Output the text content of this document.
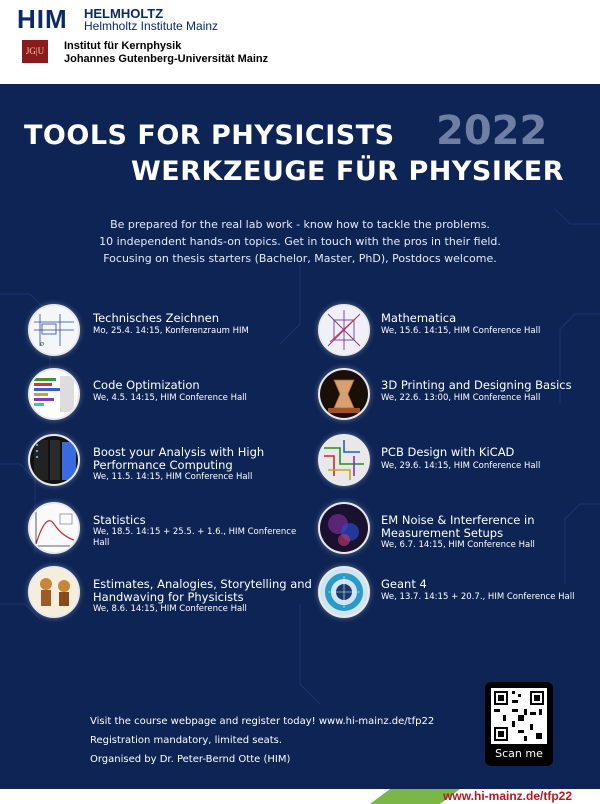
HIM HELMHOLTZ
Helmholtz Institute Mainz
JG|U	Institut für Kernphysik
Johannes Gutenberg-Universität Mainz
TOOLS FOR PHYSICISTS 2022
WERKZEUGE FÜR PHYSIKER
Be prepared for the real lab work - know how to tackle the problems.
10 independent hands-on topics. Get in touch with the pros in their field.
Focusing on thesis starters (Bachelor, Master, PhD), Postdocs welcome.
Ø
Technisches Zeichnen
Mo, 25.4. 14:15, Konferenzraum HIM
Code Optimization
We, 4.5. 14:15, HIM Conference Hall
Boost your Analysis with High
Performance Computing
We, 11.5. 14:15, HIM Conference Hall
Statistics
We, 18.5. 14:15 + 25.5. + 1.6., HIM Conference
Hall
Estimates, Analogies, Storytelling and
Handwaving for Physicists
We, 8.6. 14:15, HIM Conference Hall
Mathematica
We, 15.6. 14:15, HIM Conference Hall
3D Printing and Designing Basics
We, 22.6. 13:00, HIM Conference Hall
PCB Design with KiCAD
We, 29.6. 14:15, HIM Conference Hall
EM Noise & Interference in
Measurement Setups
We, 6.7. 14:15, HIM Conference Hall
Geant 4
We, 13.7. 14:15 + 20.7., HIM Conference Hall
Visit the course webpage and register today! www.hi-mainz.de/tfp22
Registration mandatory, limited seats.
Organised by Dr. Peter-Bernd Otte (HIM)	Scan me
www.hi-mainz.de/tfp22
